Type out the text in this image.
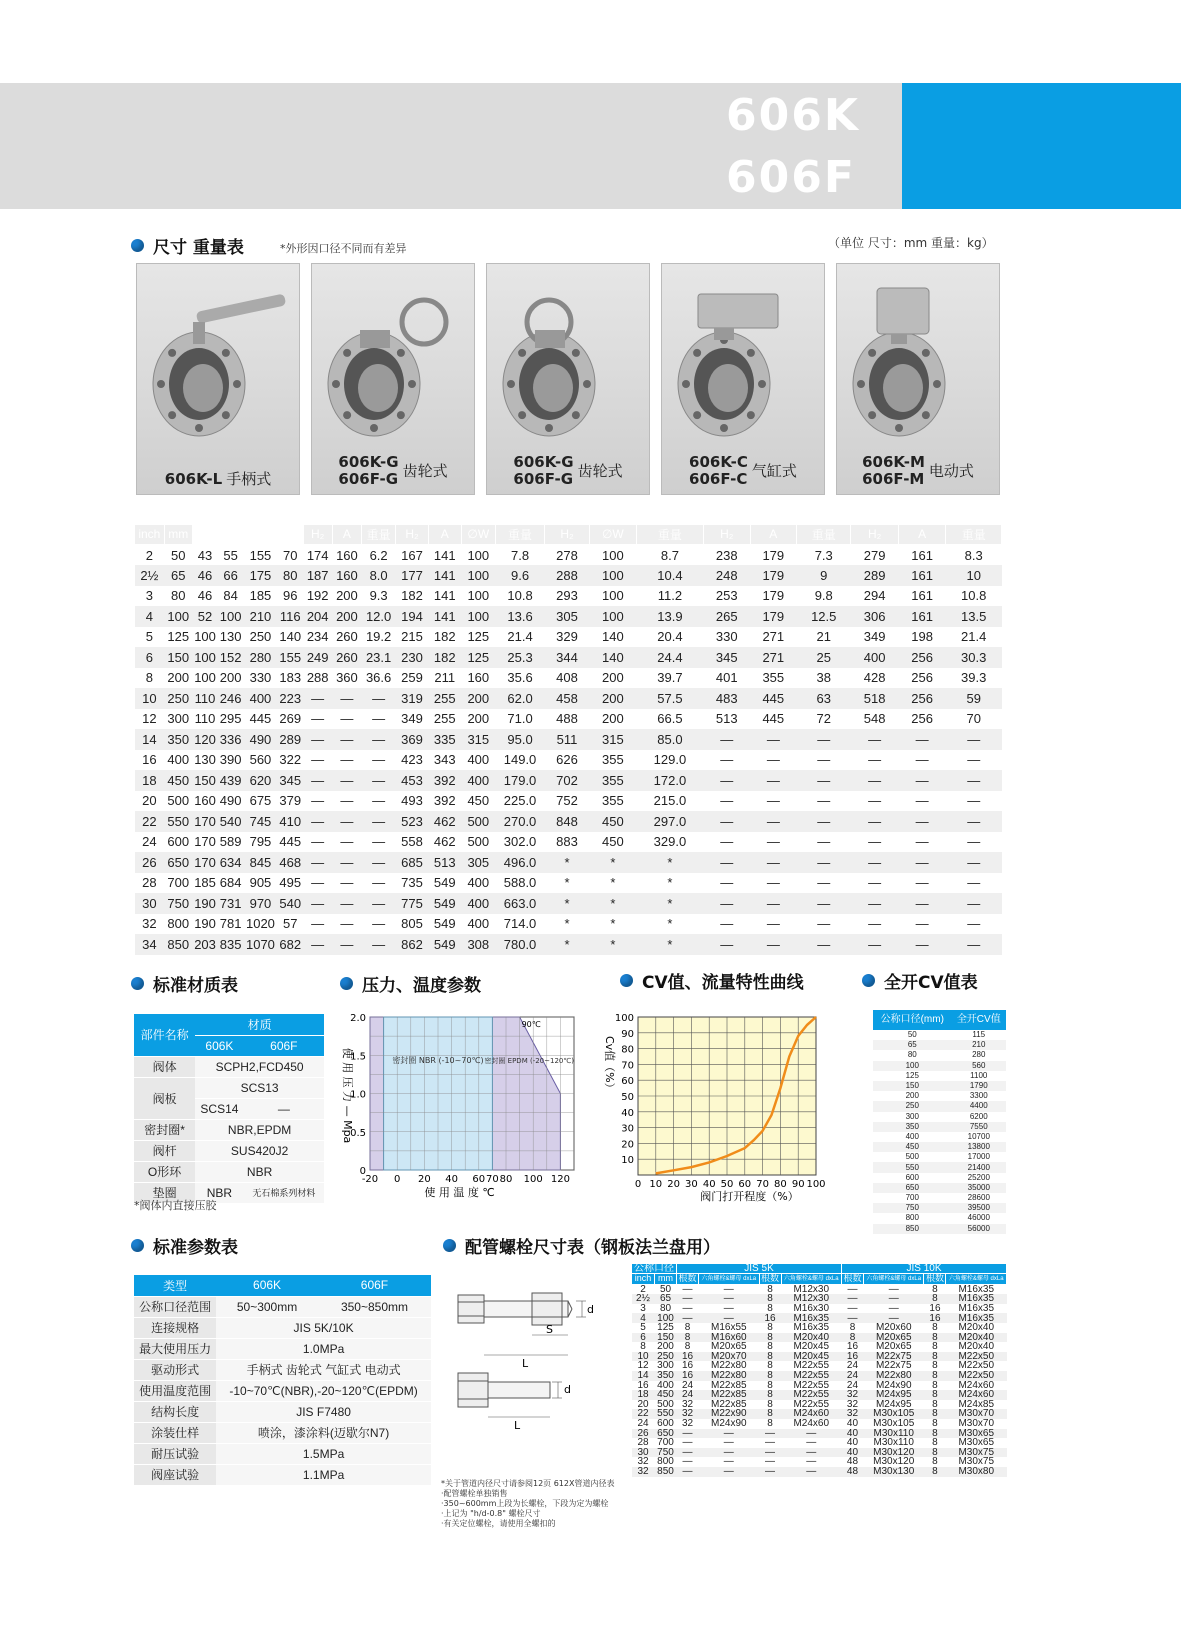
606K
606F
尺寸 重量表	*外形因口径不同而有差异	（单位 尺寸：mm 重量：kg）
606K-L 手柄式
606K-G
606F-G 齿轮式	606K-G
606F-G 齿轮式	606K-C
606F-C 气缸式	606K-M
606F-M 电动式
公称口径		L	d	D	H₂	606K-L 手柄式			606K-G·606F-G 齿轮式				606K-GⅡ·606F-GⅡ齿轮式			606K-C·606F-C 气缸式			606K-M·606F-M 电动式		
inch	mm					H₂	A	重量	H₂	A	∅W	重量	H₂	∅W	重量	H₂	A	重量	H₂	A	重量
2	50	43	55	155	70	174	160	6.2	167	141	100	7.8	278	100	8.7	238	179	7.3	279	161	8.3
2½	65	46	66	175	80	187	160	8.0	177	141	100	9.6	288	100	10.4	248	179	9	289	161	10
3	80	46	84	185	96	192	200	9.3	182	141	100	10.8	293	100	11.2	253	179	9.8	294	161	10.8
4	100	52	100	210	116	204	200	12.0	194	141	100	13.6	305	100	13.9	265	179	12.5	306	161	13.5
5	125	100	130	250	140	234	260	19.2	215	182	125	21.4	329	140	20.4	330	271	21	349	198	21.4
6	150	100	152	280	155	249	260	23.1	230	182	125	25.3	344	140	24.4	345	271	25	400	256	30.3
8	200	100	200	330	183	288	360	36.6	259	211	160	35.6	408	200	39.7	401	355	38	428	256	39.3
10	250	110	246	400	223	—	—	—	319	255	200	62.0	458	200	57.5	483	445	63	518	256	59
12	300	110	295	445	269	—	—	—	349	255	200	71.0	488	200	66.5	513	445	72	548	256	70
14	350	120	336	490	289	—	—	—	369	335	315	95.0	511	315	85.0	—	—	—	—	—	—
16	400	130	390	560	322	—	—	—	423	343	400	149.0	626	355	129.0	—	—	—	—	—	—
18	450	150	439	620	345	—	—	—	453	392	400	179.0	702	355	172.0	—	—	—	—	—	—
20	500	160	490	675	379	—	—	—	493	392	450	225.0	752	355	215.0	—	—	—	—	—	—
22	550	170	540	745	410	—	—	—	523	462	500	270.0	848	450	297.0	—	—	—	—	—	—
24	600	170	589	795	445	—	—	—	558	462	500	302.0	883	450	329.0	—	—	—	—	—	—
26	650	170	634	845	468	—	—	—	685	513	305	496.0	*	*	*	—	—	—	—	—	—
28	700	185	684	905	495	—	—	—	735	549	400	588.0	*	*	*	—	—	—	—	—	—
30	750	190	731	970	540	—	—	—	775	549	400	663.0	*	*	*	—	—	—	—	—	—
32	800	190	781	1020	57	—	—	—	805	549	400	714.0	*	*	*	—	—	—	—	—	—
34	850	203	835	1070	682	—	—	—	862	549	308	780.0	*	*	*	—	—	—	—	—	—
标准材质表
部件名称	材质	
	606K	606F
阀体	SCPH2,FCD450	
阀板	SCS13	
	SCS14	—
密封圈*	NBR,EPDM	
阀杆	SUS420J2	
O形环	NBR	
垫圈	NBR	无石棉系列材料
*阀体内直接压胶
压力、温度参数
-20 0 20 40 60 70 80 100 120
0
0.5
1.0
1.5
2.0
密封圈 NBR (-10~70℃) 密封圈 EPDM (-20~120℃)
90℃
使 用 温 度 ℃
使 用 压 力 — Mpa
CV值、流量特性曲线
0 10 20 30 40 50 60 70 80 90 100
10
20
30
40
50
60
70
80
90
100
阀门打开程度（%）
Cv值（%）
全开CV值表
公称口径(mm)	全开CV值
50	115
65	210
80	280
100	560
125	1100
150	1790
200	3300
250	4400
300	6200
350	7550
400	10700
450	13800
500	17000
550	21400
600	25200
650	35000
700	28600
750	39500
800	46000
850	56000
标准参数表
类型	606K	606F
公称口径范围	50~300mm	350~850mm
连接规格	JIS 5K/10K	
最大使用压力	1.0MPa	
驱动形式	手柄式 齿轮式 气缸式 电动式	
使用温度范围	-10~70℃(NBR),-20~120℃(EPDM)	
结构长度	JIS F7480	
涂装仕样	喷涂，漆涂料(迈歇尔N7)	
耐压试验	1.5MPa	
阀座试验	1.1MPa	
配管螺栓尺寸表（钢板法兰盘用）
d
S
L
d
L
*关于管道内径尺寸请参阅12页 612X管道内径表
·配管螺栓单独销售
·350~600mm上段为长螺栓，下段为定为螺栓
·上记为 "h/d-0.8" 螺栓尺寸
·有关定位螺栓，请使用全螺扣的
公称口径		JIS 5K				JIS 10K			
inch	mm	根数	六角螺栓&螺母 dxLa	根数	六角螺栓&螺母 dxLa	根数	六角螺栓&螺母 dxLa	根数	六角螺栓&螺母 dxLa
2	50	—	—	8	M12x30	—	—	8	M16x35
2½	65	—	—	8	M12x30	—	—	8	M16x35
3	80	—	—	8	M16x30	—	—	16	M16x35
4	100	—	—	16	M16x35	—	—	16	M16x35
5	125	8	M16x55	8	M16x35	8	M20x60	8	M20x40
6	150	8	M16x60	8	M20x40	8	M20x65	8	M20x40
8	200	8	M20x65	8	M20x45	16	M20x65	8	M20x40
10	250	16	M20x70	8	M20x45	16	M22x75	8	M22x50
12	300	16	M22x80	8	M22x55	24	M22x75	8	M22x50
14	350	16	M22x80	8	M22x55	24	M22x80	8	M22x50
16	400	24	M22x85	8	M22x55	24	M24x90	8	M24x60
18	450	24	M22x85	8	M22x55	32	M24x95	8	M24x60
20	500	32	M22x85	8	M22x55	32	M24x95	8	M24x85
22	550	32	M22x90	8	M24x60	32	M30x105	8	M30x70
24	600	32	M24x90	8	M24x60	40	M30x105	8	M30x70
26	650	—	—	—	—	40	M30x110	8	M30x65
28	700	—	—	—	—	40	M30x110	8	M30x65
30	750	—	—	—	—	40	M30x120	8	M30x75
32	800	—	—	—	—	48	M30x120	8	M30x75
32	850	—	—	—	—	48	M30x130	8	M30x80
